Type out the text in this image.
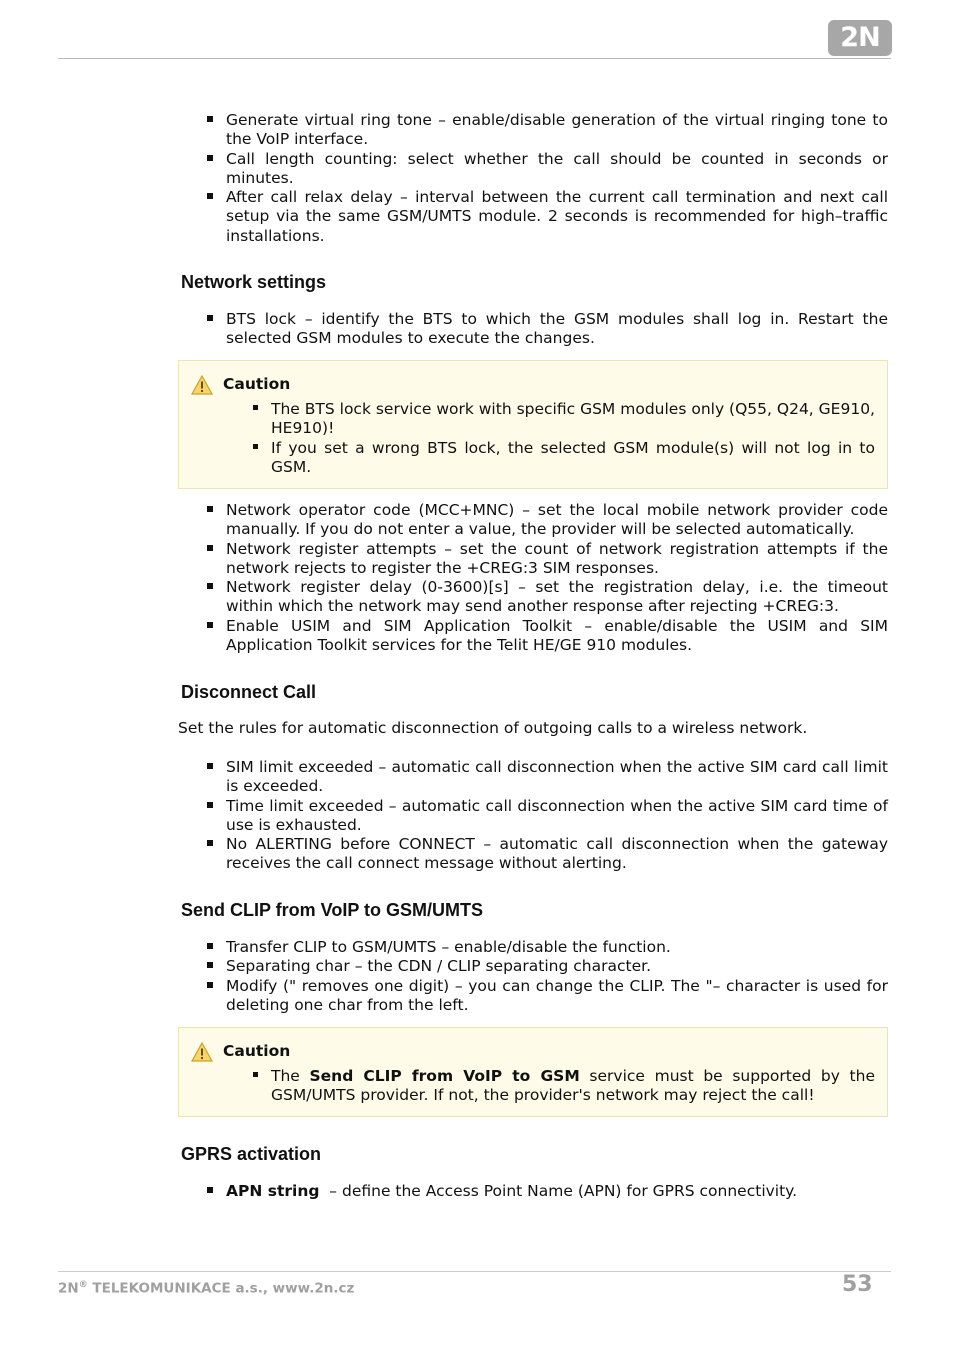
2N
Generate virtual ring tone – enable/disable generation of the virtual ringing tone to the VoIP interface.
Call length counting: select whether the call should be counted in seconds or minutes.
After call relax delay – interval between the current call termination and next call setup via the same GSM/UMTS module. 2 seconds is recommended for high–traffic installations.
Network settings
BTS lock – identify the BTS to which the GSM modules shall log in. Restart the selected GSM modules to execute the changes.
Caution
The BTS lock service work with specific GSM modules only (Q55, Q24, GE910, HE910)!
If you set a wrong BTS lock, the selected GSM module(s) will not log in to GSM.
Network operator code (MCC+MNC) – set the local mobile network provider code manually. If you do not enter a value, the provider will be selected automatically.
Network register attempts – set the count of network registration attempts if the network rejects to register the +CREG:3 SIM responses.
Network register delay (0-3600)[s] – set the registration delay, i.e. the timeout within which the network may send another response after rejecting +CREG:3.
Enable USIM and SIM Application Toolkit – enable/disable the USIM and SIM Application Toolkit services for the Telit HE/GE 910 modules.
Disconnect Call

Set the rules for automatic disconnection of outgoing calls to a wireless network.

SIM limit exceeded – automatic call disconnection when the active SIM card call limit is exceeded.
Time limit exceeded – automatic call disconnection when the active SIM card time of use is exhausted.
No ALERTING before CONNECT – automatic call disconnection when the gateway receives the call connect message without alerting.
Send CLIP from VoIP to GSM/UMTS
Transfer CLIP to GSM/UMTS – enable/disable the function.
Separating char – the CDN / CLIP separating character.
Modify (" removes one digit) – you can change the CLIP. The "– character is used for deleting one char from the left.
Caution
The Send CLIP from VoIP to GSM service must be supported by the GSM/UMTS provider. If not, the provider's network may reject the call!
GPRS activation
APN string  – define the Access Point Name (APN) for GPRS connectivity.
2N® TELEKOMUNIKACE a.s., www.2n.cz	53
